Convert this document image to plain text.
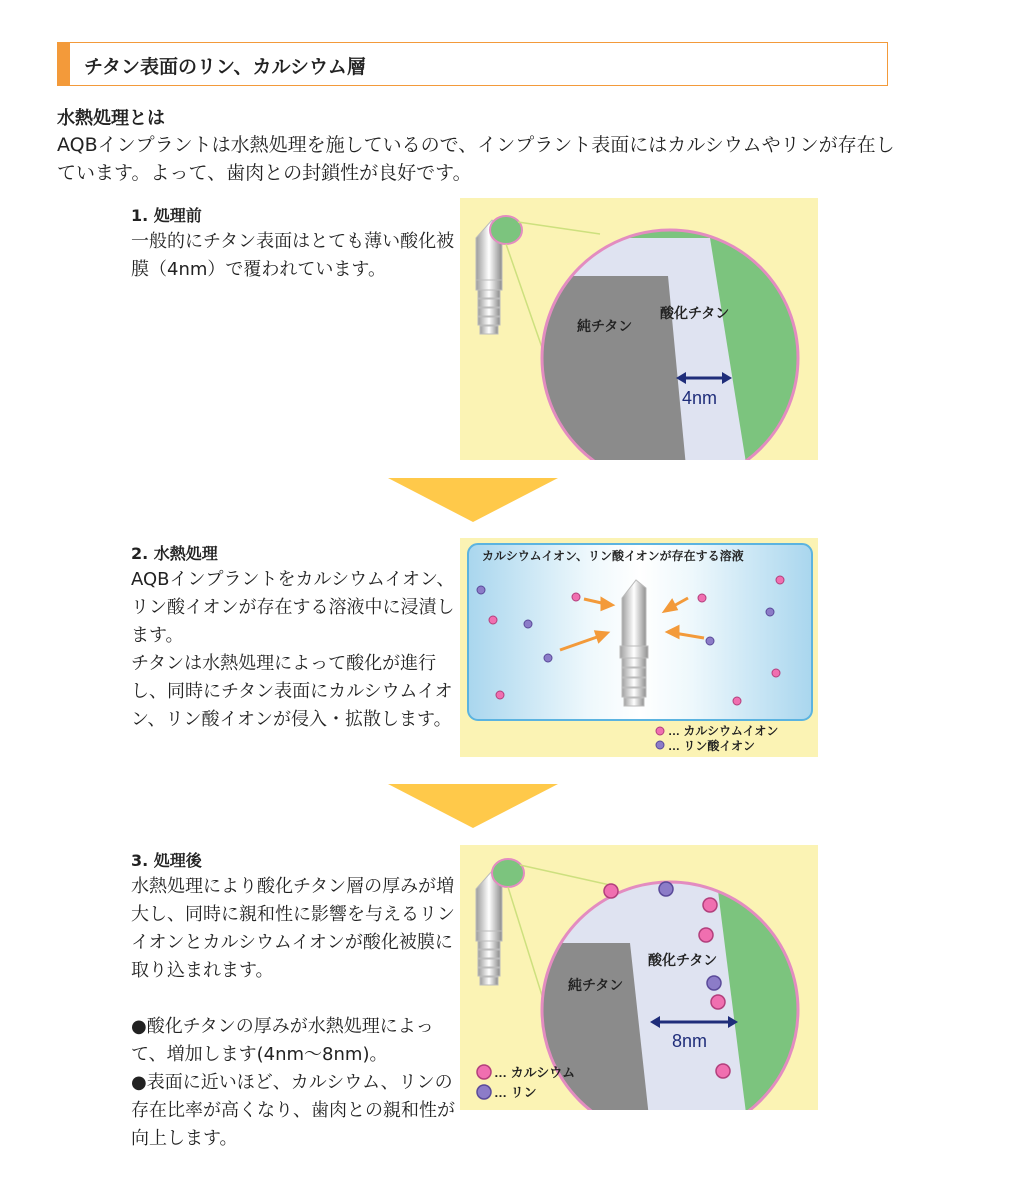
チタン表面のリン、カルシウム層
水熱処理とは
AQBインプラントは水熱処理を施しているので、インプラント表面にはカルシウムやリンが存在しています。よって、歯肉との封鎖性が良好です。
1. 処理前
一般的にチタン表面はとても薄い酸化被膜（4nm）で覆われています。
純チタン
酸化チタン
4nm
2. 水熱処理

AQBインプラントをカルシウムイオン、リン酸イオンが存在する溶液中に浸漬します。

チタンは水熱処理によって酸化が進行し、同時にチタン表面にカルシウムイオン、リン酸イオンが侵入・拡散します。

カルシウムイオン、リン酸イオンが存在する溶液
… カルシウムイオン
… リン酸イオン
3. 処理後

水熱処理により酸化チタン層の厚みが増大し、同時に親和性に影響を与えるリンイオンとカルシウムイオンが酸化被膜に取り込まれます。

●酸化チタンの厚みが水熱処理によって、増加します(4nm～8nm)。

●表面に近いほど、カルシウム、リンの存在比率が高くなり、歯肉との親和性が向上します。

純チタン
酸化チタン
8nm
… カルシウム
… リン
